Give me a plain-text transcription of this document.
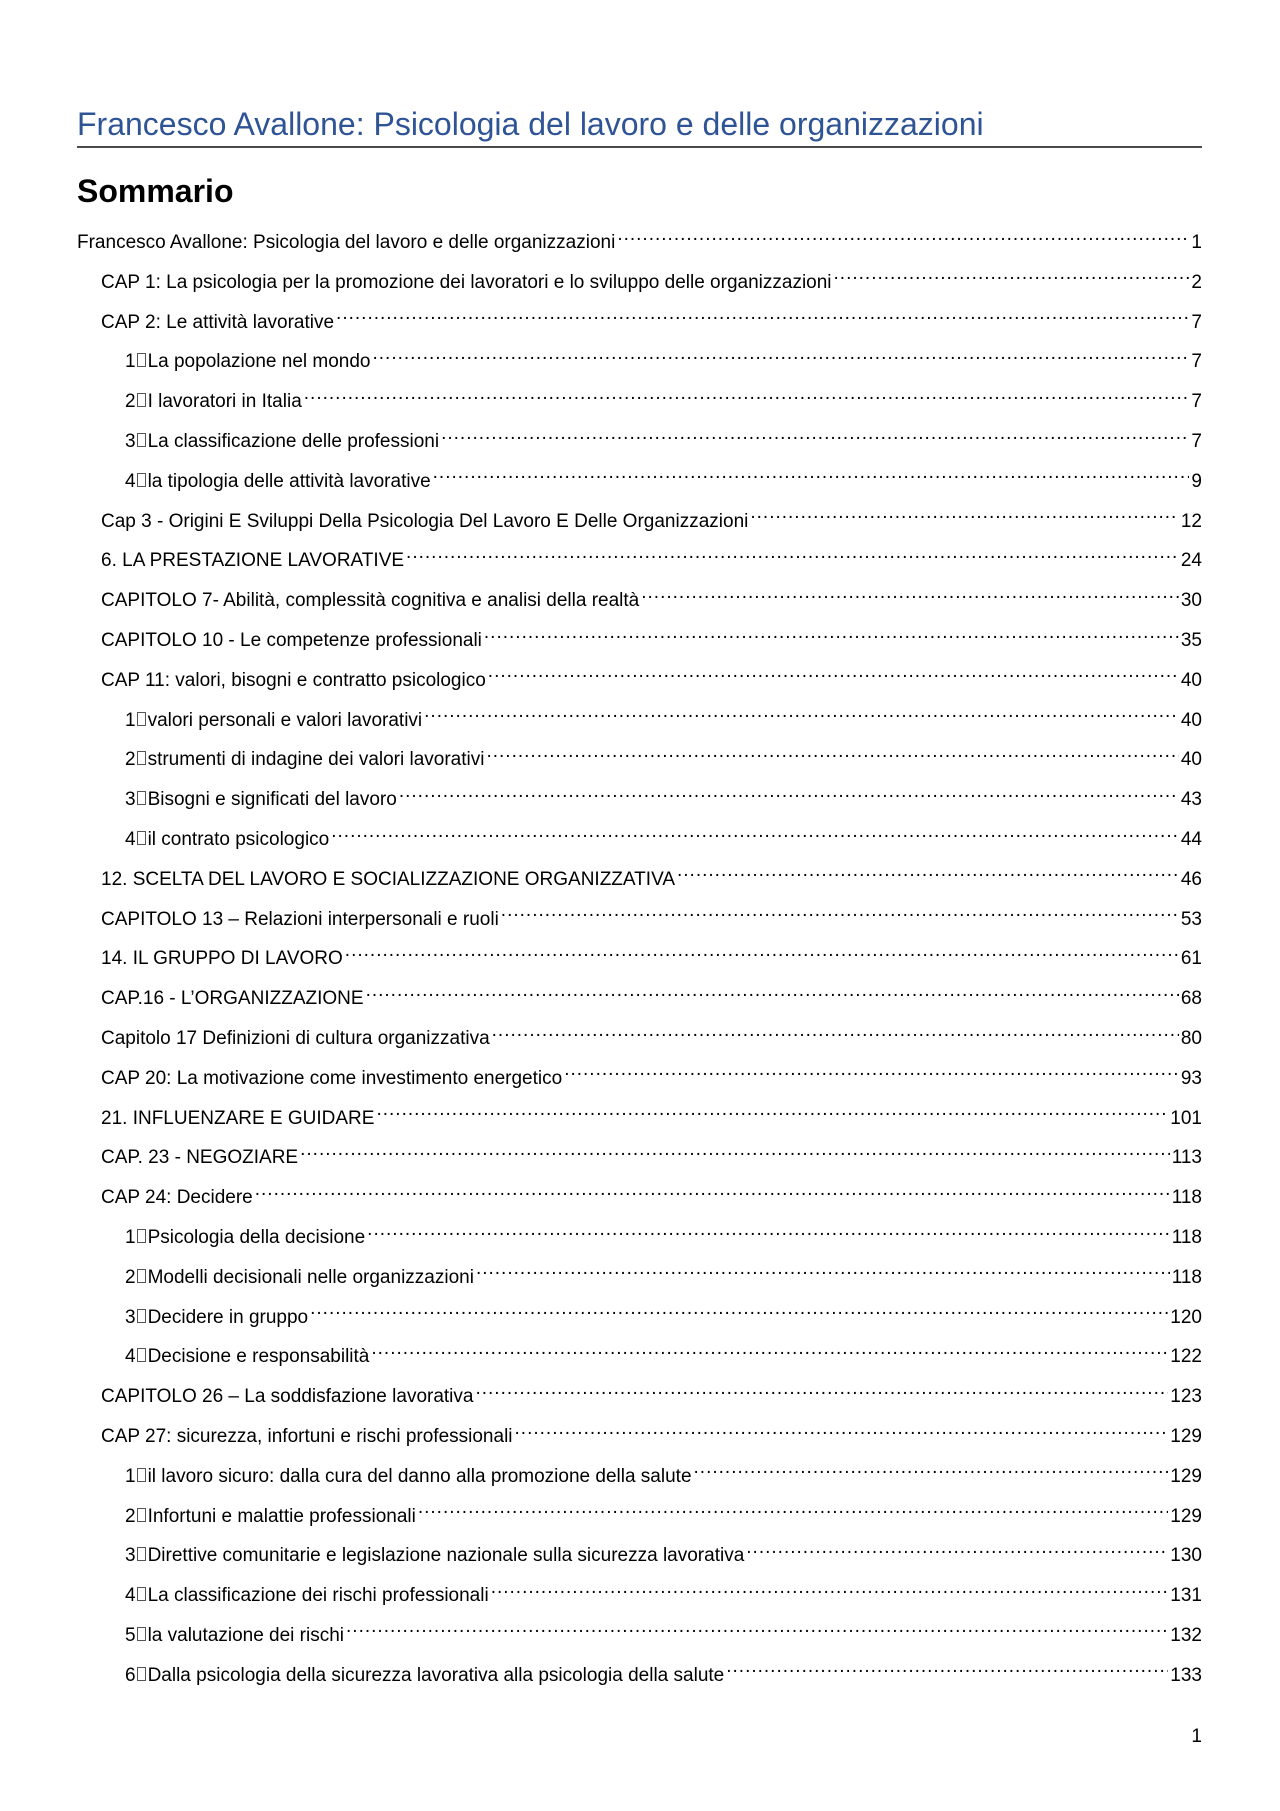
Francesco Avallone: Psicologia del lavoro e delle organizzazioni
Sommario
Francesco Avallone: Psicologia del lavoro e delle organizzazioni .....	1
CAP 1: La psicologia per la promozione dei lavoratori e lo sviluppo delle organizzazioni .....	2
CAP 2: Le attività lavorative .....	7
1 La popolazione nel mondo .....	7
2 I lavoratori in Italia .....	7
3 La classificazione delle professioni .....	7
4 la tipologia delle attività lavorative .....	9
Cap 3 - Origini E Sviluppi Della Psicologia Del Lavoro E Delle Organizzazioni .....	12
6. LA PRESTAZIONE LAVORATIVE .....	24
CAPITOLO 7- Abilità, complessità cognitiva e analisi della realtà .....	30
CAPITOLO 10 - Le competenze professionali .....	35
CAP 11: valori, bisogni e contratto psicologico .....	40
1 valori personali e valori lavorativi .....	40
2 strumenti di indagine dei valori lavorativi .....	40
3 Bisogni e significati del lavoro .....	43
4 il contrato psicologico .....	44
12. SCELTA DEL LAVORO E SOCIALIZZAZIONE ORGANIZZATIVA .....	46
CAPITOLO 13 – Relazioni interpersonali e ruoli .....	53
14. IL GRUPPO DI LAVORO .....	61
CAP.16 - L’ORGANIZZAZIONE .....	68
Capitolo 17 Definizioni di cultura organizzativa .....	80
CAP 20: La motivazione come investimento energetico .....	93
21. INFLUENZARE E GUIDARE .....	101
CAP. 23 - NEGOZIARE .....	113
CAP 24: Decidere .....	118
1 Psicologia della decisione .....	118
2 Modelli decisionali nelle organizzazioni .....	118
3 Decidere in gruppo .....	120
4 Decisione e responsabilità .....	122
CAPITOLO 26 – La soddisfazione lavorativa .....	123
CAP 27: sicurezza, infortuni e rischi professionali .....	129
1 il lavoro sicuro: dalla cura del danno alla promozione della salute .....	129
2 Infortuni e malattie professionali .....	129
3 Direttive comunitarie e legislazione nazionale sulla sicurezza lavorativa .....	130
4 La classificazione dei rischi professionali .....	131
5 la valutazione dei rischi .....	132
6 Dalla psicologia della sicurezza lavorativa alla psicologia della salute .....	133
1
